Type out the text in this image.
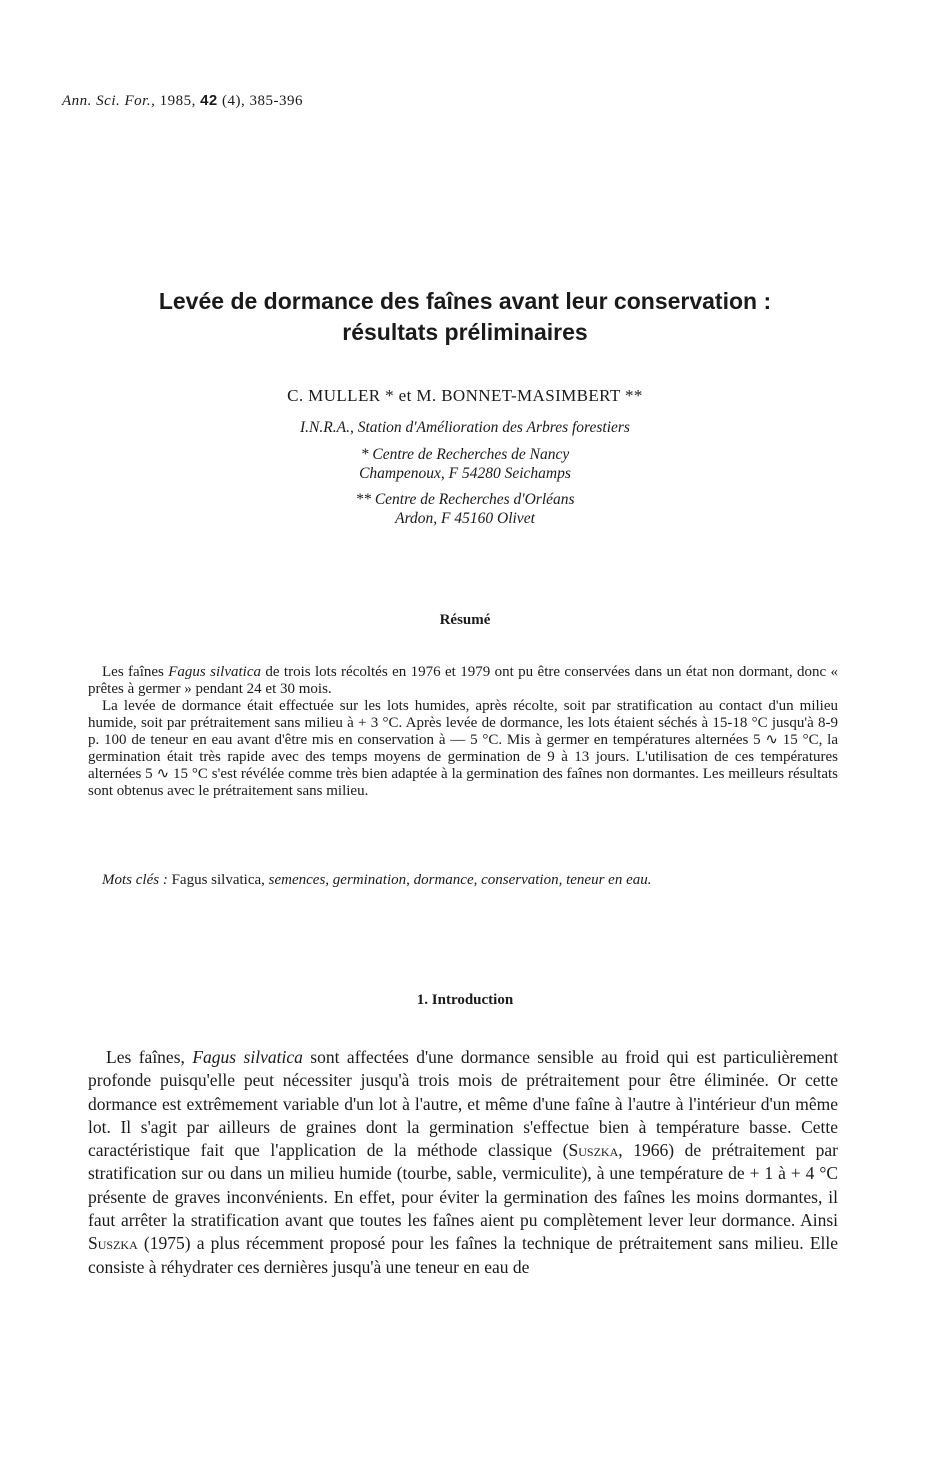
Ann. Sci. For., 1985, 42 (4), 385-396
Levée de dormance des faînes avant leur conservation :
résultats préliminaires
C. MULLER * et M. BONNET-MASIMBERT **
I.N.R.A., Station d'Amélioration des Arbres forestiers
* Centre de Recherches de Nancy
Champenoux, F 54280 Seichamps
** Centre de Recherches d'Orléans
Ardon, F 45160 Olivet
Résumé

Les faînes Fagus silvatica de trois lots récoltés en 1976 et 1979 ont pu être conservées dans un état non dormant, donc « prêtes à germer » pendant 24 et 30 mois.

La levée de dormance était effectuée sur les lots humides, après récolte, soit par stratification au contact d'un milieu humide, soit par prétraitement sans milieu à + 3 °C. Après levée de dormance, les lots étaient séchés à 15-18 °C jusqu'à 8-9 p. 100 de teneur en eau avant d'être mis en conservation à — 5 °C. Mis à germer en températures alternées 5 ∿ 15 °C, la germination était très rapide avec des temps moyens de germination de 9 à 13 jours. L'utilisation de ces températures alternées 5 ∿ 15 °C s'est révélée comme très bien adaptée à la germination des faînes non dormantes. Les meilleurs résultats sont obtenus avec le prétraitement sans milieu.

Mots clés : Fagus silvatica, semences, germination, dormance, conservation, teneur en eau.
1. Introduction

Les faînes, Fagus silvatica sont affectées d'une dormance sensible au froid qui est particulièrement profonde puisqu'elle peut nécessiter jusqu'à trois mois de prétraitement pour être éliminée. Or cette dormance est extrêmement variable d'un lot à l'autre, et même d'une faîne à l'autre à l'intérieur d'un même lot. Il s'agit par ailleurs de graines dont la germination s'effectue bien à température basse. Cette caractéristique fait que l'application de la méthode classique (Suszka, 1966) de prétraitement par stratification sur ou dans un milieu humide (tourbe, sable, vermiculite), à une température de + 1 à + 4 °C présente de graves inconvénients. En effet, pour éviter la germination des faînes les moins dormantes, il faut arrêter la stratification avant que toutes les faînes aient pu complètement lever leur dormance. Ainsi Suszka (1975) a plus récemment proposé pour les faînes la technique de prétraitement sans milieu. Elle consiste à réhydrater ces dernières jusqu'à une teneur en eau de
